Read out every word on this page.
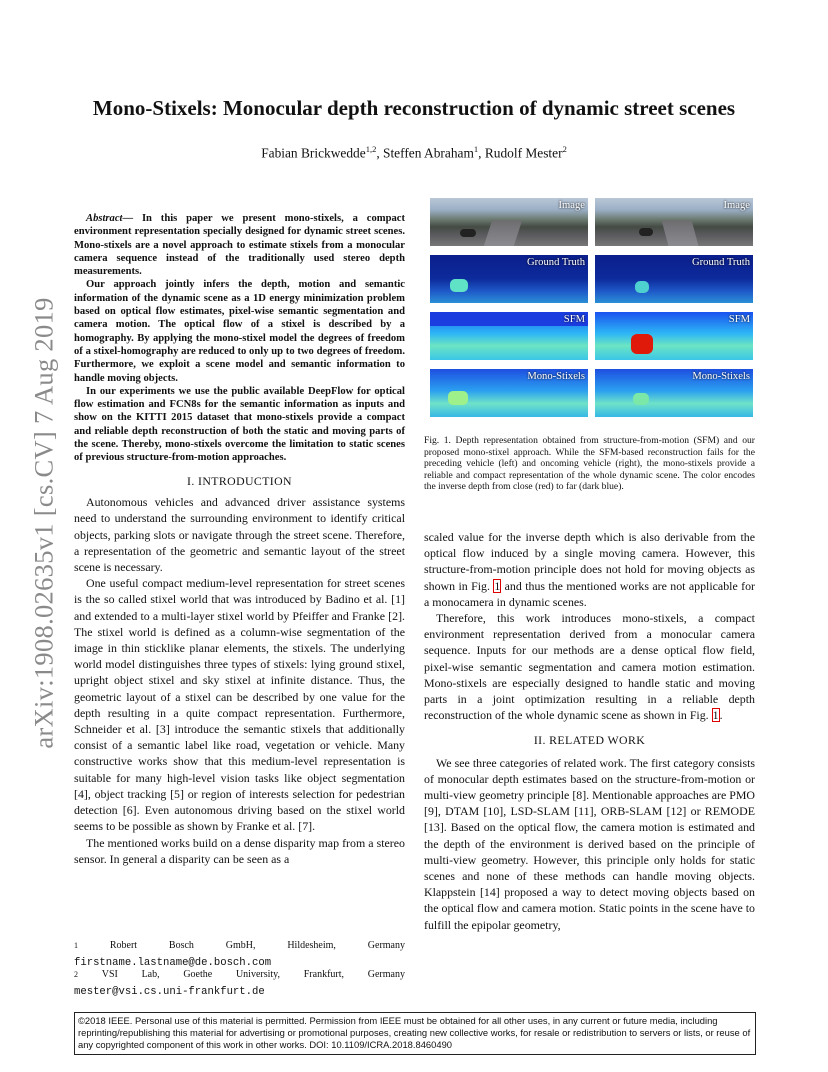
arXiv:1908.02635v1 [cs.CV] 7 Aug 2019
Mono-Stixels: Monocular depth reconstruction of dynamic street scenes
Fabian Brickwedde$^{1,2}$, Steffen Abraham$^1$, Rudolf Mester$^2$

Abstract— In this paper we present mono-stixels, a compact environment representation specially designed for dynamic street scenes. Mono-stixels are a novel approach to estimate stixels from a monocular camera sequence instead of the traditionally used stereo depth measurements.

Our approach jointly infers the depth, motion and semantic information of the dynamic scene as a 1D energy minimization problem based on optical flow estimates, pixel-wise semantic segmentation and camera motion. The optical flow of a stixel is described by a homography. By applying the mono-stixel model the degrees of freedom of a stixel-homography are reduced to only up to two degrees of freedom. Furthermore, we exploit a scene model and semantic information to handle moving objects.

In our experiments we use the public available DeepFlow for optical flow estimation and FCN8s for the semantic information as inputs and show on the KITTI 2015 dataset that mono-stixels provide a compact and reliable depth reconstruction of both the static and moving parts of the scene. Thereby, mono-stixels overcome the limitation to static scenes of previous structure-from-motion approaches.

I. INTRODUCTION

Autonomous vehicles and advanced driver assistance systems need to understand the surrounding environment to identify critical objects, parking slots or navigate through the street scene. Therefore, a representation of the geometric and semantic layout of the street scene is necessary.

One useful compact medium-level representation for street scenes is the so called stixel world that was introduced by Badino et al. [1] and extended to a multi-layer stixel world by Pfeiffer and Franke [2]. The stixel world is defined as a column-wise segmentation of the image in thin sticklike planar elements, the stixels. The underlying world model distinguishes three types of stixels: lying ground stixel, upright object stixel and sky stixel at infinite distance. Thus, the geometric layout of a stixel can be described by one value for the depth resulting in a quite compact representation. Furthermore, Schneider et al. [3] introduce the semantic stixels that additionally consist of a semantic label like road, vegetation or vehicle. Many constructive works show that this medium-level representation is suitable for many high-level vision tasks like object segmentation [4], object tracking [5] or region of interests selection for pedestrian detection [6]. Even autonomous driving based on the stixel world seems to be possible as shown by Franke et al. [7].

The mentioned works build on a dense disparity map from a stereo sensor. In general a disparity can be seen as a

$^1$	Robert	Bosch	GmbH,	Hildesheim,	Germany
firstname.lastname@de.bosch.com
$^2$ VSI Lab, Goethe University, Frankfurt, Germany
mester@vsi.cs.uni-frankfurt.de
Image	Image
Ground Truth	Ground Truth
SFM	SFM
Mono-Stixels	Mono-Stixels

Fig. 1. Depth representation obtained from structure-from-motion (SFM) and our proposed mono-stixel approach. While the SFM-based reconstruction fails for the preceding vehicle (left) and oncoming vehicle (right), the mono-stixels provide a reliable and compact representation of the whole dynamic scene. The color encodes the inverse depth from close (red) to far (dark blue).

scaled value for the inverse depth which is also derivable from the optical flow induced by a single moving camera. However, this structure-from-motion principle does not hold for moving objects as shown in Fig. 1 and thus the mentioned works are not applicable for a monocamera in dynamic scenes.

Therefore, this work introduces mono-stixels, a compact environment representation derived from a monocular camera sequence. Inputs for our methods are a dense optical flow field, pixel-wise semantic segmentation and camera motion estimation. Mono-stixels are especially designed to handle static and moving parts in a joint optimization resulting in a reliable depth reconstruction of the whole dynamic scene as shown in Fig. 1.

II. RELATED WORK

We see three categories of related work. The first category consists of monocular depth estimates based on the structure-from-motion or multi-view geometry principle [8]. Mentionable approaches are PMO [9], DTAM [10], LSD-SLAM [11], ORB-SLAM [12] or REMODE [13]. Based on the optical flow, the camera motion is estimated and the depth of the environment is derived based on the principle of multi-view geometry. However, this principle only holds for static scenes and none of these methods can handle moving objects. Klappstein [14] proposed a way to detect moving objects based on the optical flow and camera motion. Static points in the scene have to fulfill the epipolar geometry,

©2018 IEEE. Personal use of this material is permitted. Permission from IEEE must be obtained for all other uses, in any current or future media, including reprinting/republishing this material for advertising or promotional purposes, creating new collective works, for resale or redistribution to servers or lists, or reuse of any copyrighted component of this work in other works. DOI: 10.1109/ICRA.2018.8460490
